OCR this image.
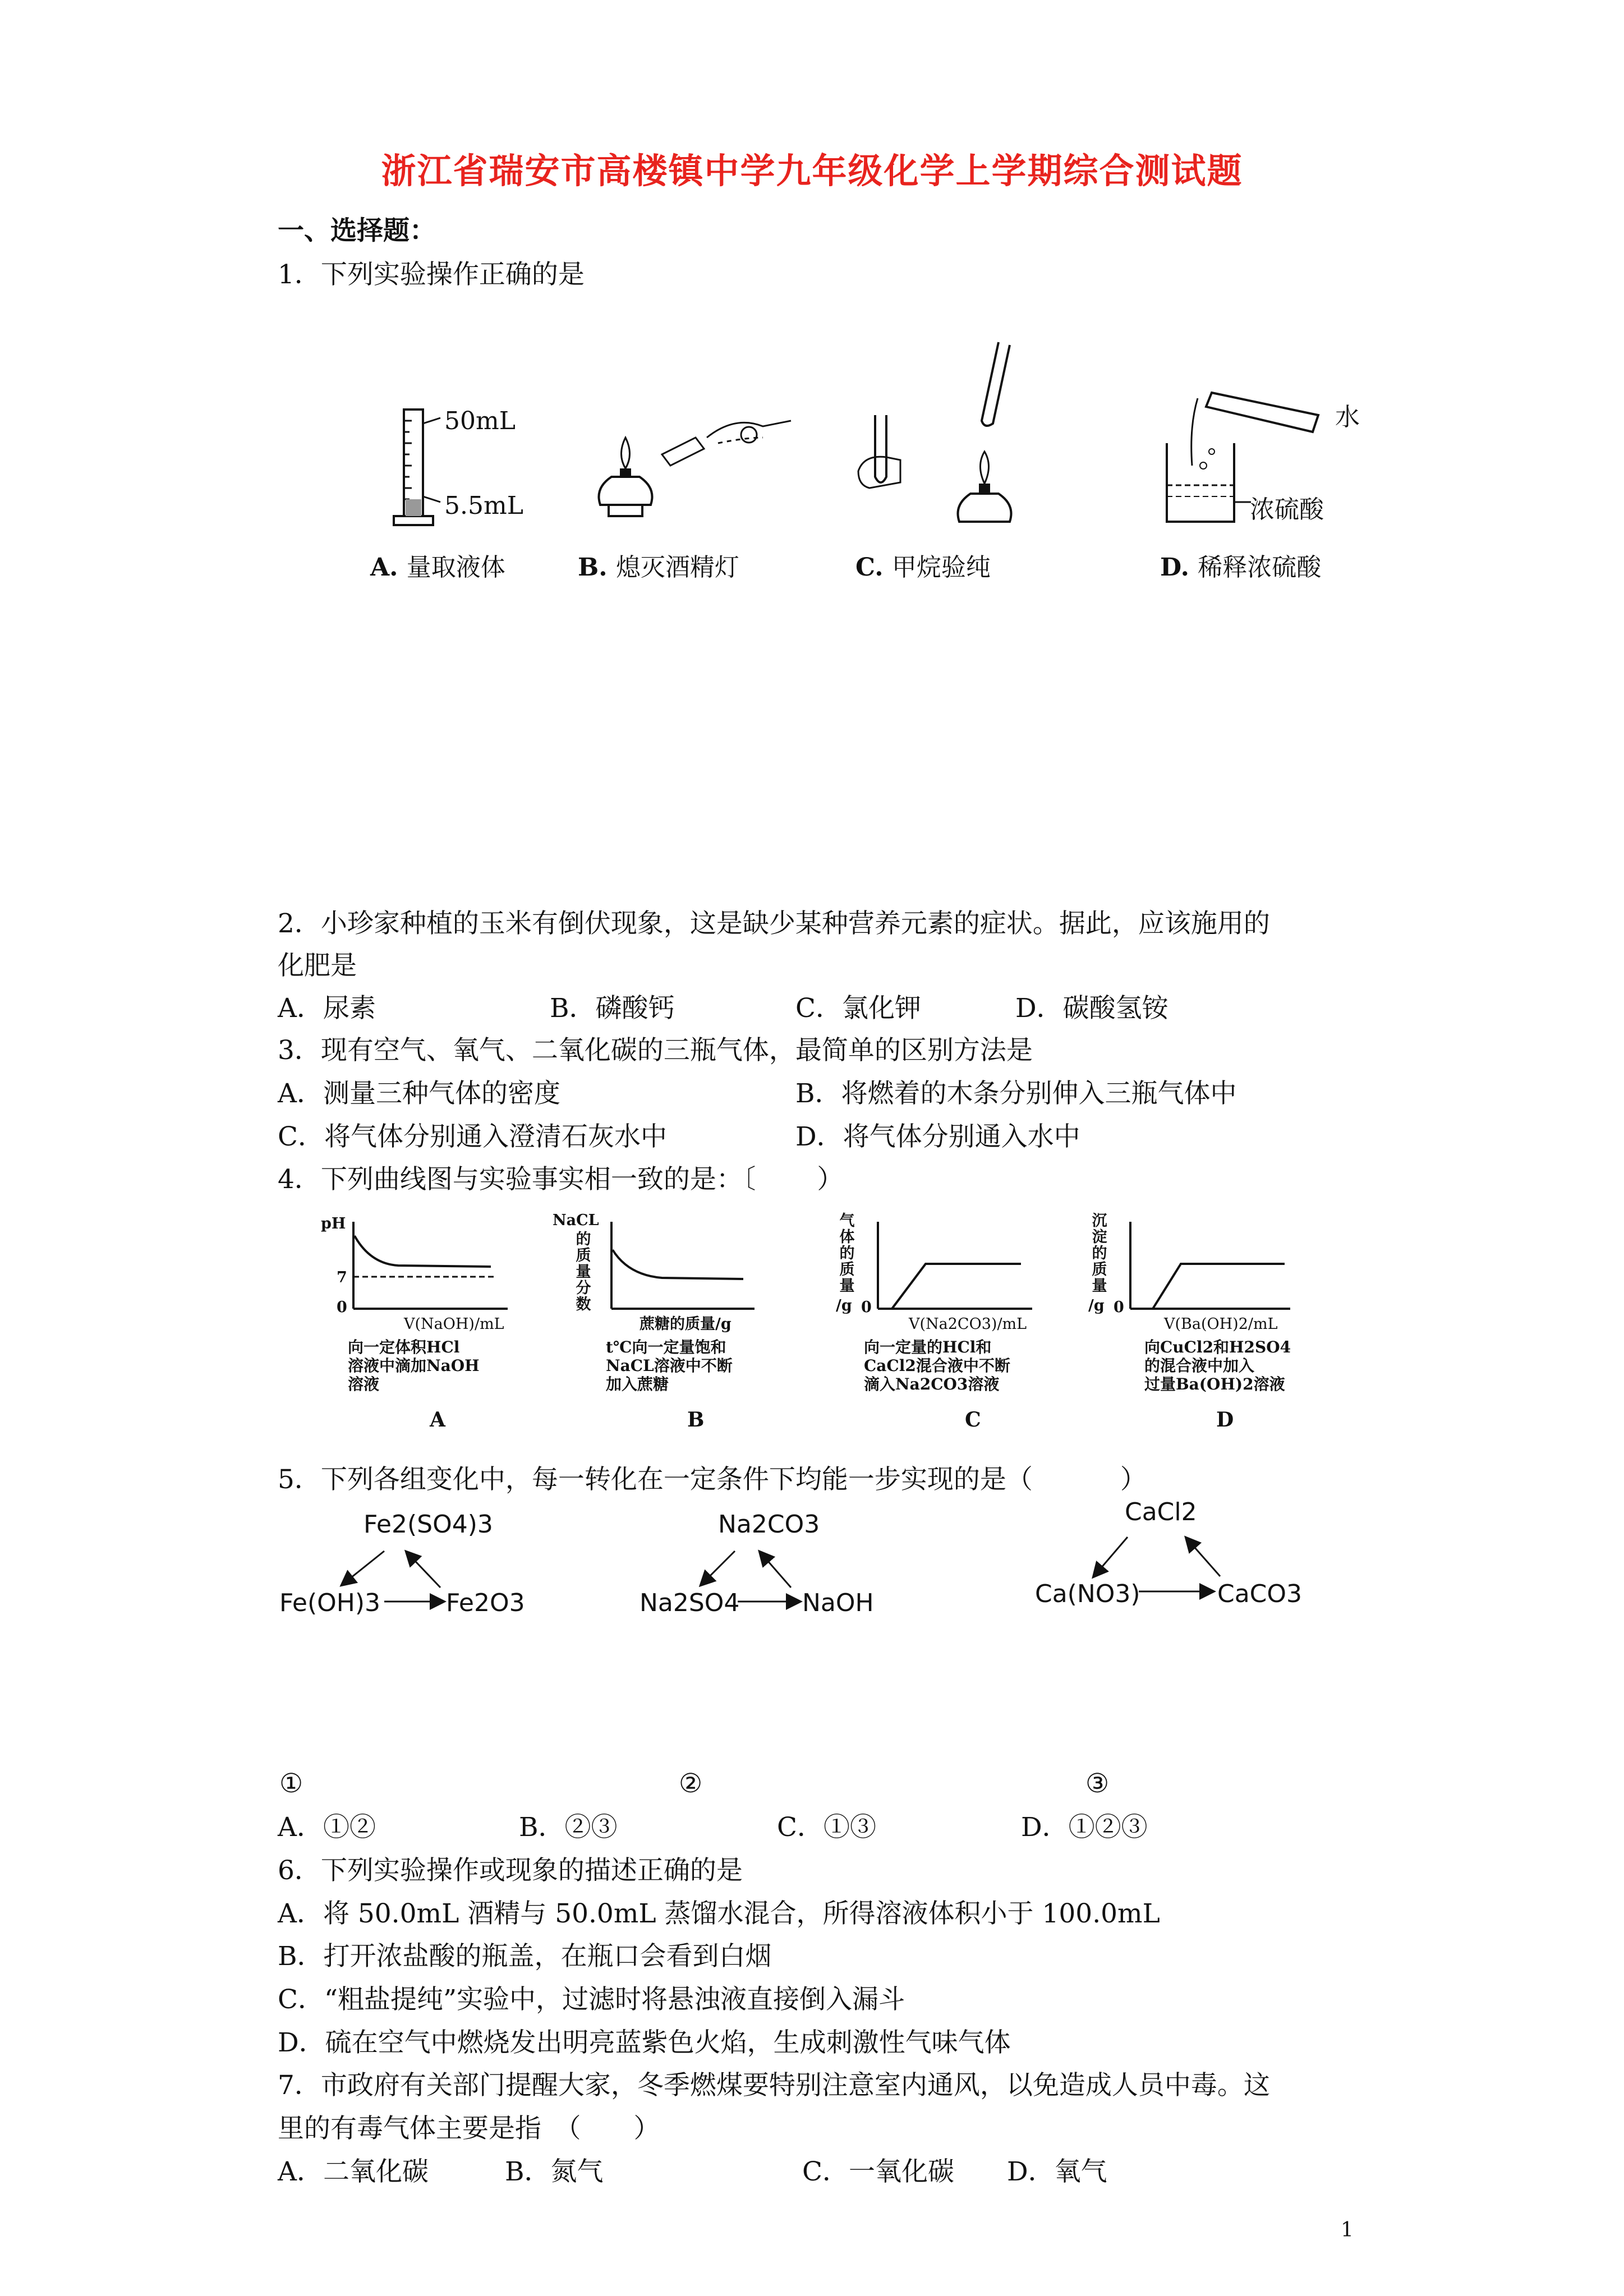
浙江省瑞安市高楼镇中学九年级化学上学期综合测试题
一、选择题：
1．下列实验操作正确的是
50mL
5.5mL
水
浓硫酸
A. 量取液体	B. 熄灭酒精灯	C. 甲烷验纯	D. 稀释浓硫酸
2．小珍家种植的玉米有倒伏现象，这是缺少某种营养元素的症状。据此，应该施用的
化肥是
A．尿素	B．磷酸钙	C．氯化钾	D．碳酸氢铵
3．现有空气、氧气、二氧化碳的三瓶气体，最简单的区别方法是
A．测量三种气体的密度	B．将燃着的木条分别伸入三瓶气体中
C．将气体分别通入澄清石灰水中	D．将气体分别通入水中
4．下列曲线图与实验事实相一致的是：〔 　　）
pH
7
0
V(NaOH)/mL
向一定体积HCl
溶液中滴加NaOH
溶液
A
NaCL
的质量分数
蔗糖的质量/g
t℃向一定量饱和
NaCL溶液中不断
加入蔗糖
B
气体的质量
/g 0
V(Na2CO3)/mL
向一定量的HCl和
CaCl2混合液中不断
滴入Na2CO3溶液
C
沉淀的质量
/g 0
V(Ba(OH)2/mL
向CuCl2和H2SO4
的混合液中加入
过量Ba(OH)2溶液
D
5．下列各组变化中，每一转化在一定条件下均能一步实现的是（ 　　　）
Fe2(SO4)3
Fe(OH)3	Fe2O3
Na2CO3
Na2SO4	NaOH
CaCl2
Ca(NO3)	CaCO3
①	②	③
A．①②	B．②③	C．①③	D．①②③
6．下列实验操作或现象的描述正确的是
A．将 50.0mL 酒精与 50.0mL 蒸馏水混合，所得溶液体积小于 100.0mL
B．打开浓盐酸的瓶盖，在瓶口会看到白烟
C．“粗盐提纯”实验中，过滤时将悬浊液直接倒入漏斗
D．硫在空气中燃烧发出明亮蓝紫色火焰，生成刺激性气味气体
7．市政府有关部门提醒大家，冬季燃煤要特别注意室内通风，以免造成人员中毒。这
里的有毒气体主要是指　（　　）
A．二氧化碳	B．氮气	C．一氧化碳 D．氧气
1
